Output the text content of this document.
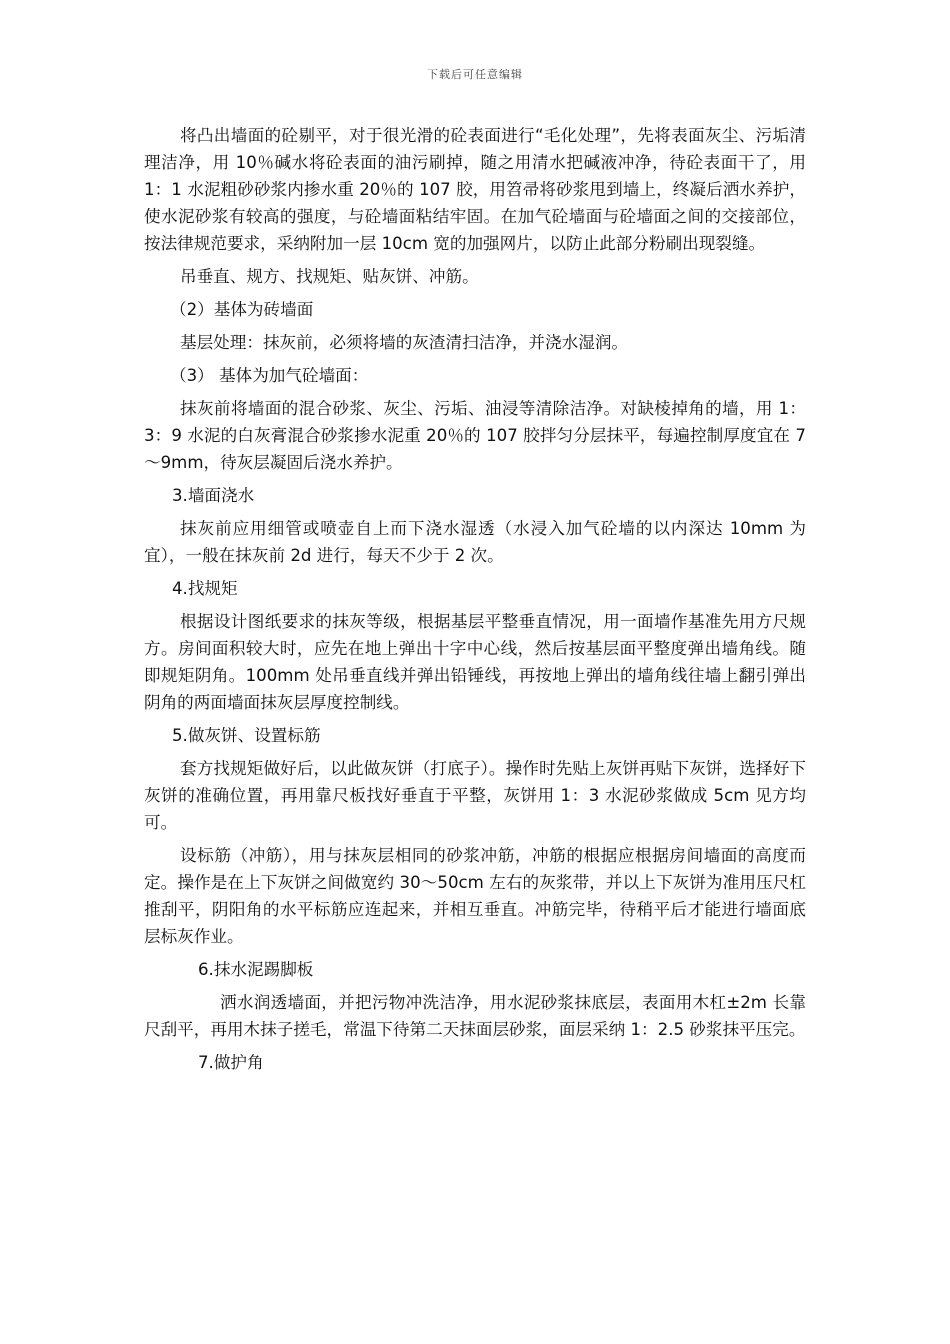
下载后可任意编辑

将凸出墙面的砼剔平，对于很光滑的砼表面进行“毛化处理”，先将表面灰尘、污垢清理洁净，用 10％碱水将砼表面的油污刷掉，随之用清水把碱液冲净，待砼表面干了，用 1：1 水泥粗砂砂浆内掺水重 20％的 107 胶，用笤帚将砂浆甩到墙上，终凝后洒水养护，使水泥砂浆有较高的强度，与砼墙面粘结牢固。在加气砼墙面与砼墙面之间的交接部位，按法律规范要求，采纳附加一层 10cm 宽的加强网片，以防止此部分粉刷出现裂缝。

吊垂直、规方、找规矩、贴灰饼、冲筋。

（2）基体为砖墙面

基层处理：抹灰前，必须将墙的灰渣清扫洁净，并浇水湿润。

（3） 基体为加气砼墙面：

抹灰前将墙面的混合砂浆、灰尘、污垢、油浸等清除洁净。对缺棱掉角的墙，用 1：3：9 水泥的白灰膏混合砂浆掺水泥重 20％的 107 胶拌匀分层抹平，每遍控制厚度宜在 7～9mm，待灰层凝固后浇水养护。

3.墙面浇水

抹灰前应用细管或喷壶自上而下浇水湿透（水浸入加气砼墙的以内深达 10mm 为宜），一般在抹灰前 2d 进行，每天不少于 2 次。

4.找规矩

根据设计图纸要求的抹灰等级，根据基层平整垂直情况，用一面墙作基准先用方尺规方。房间面积较大时，应先在地上弹出十字中心线，然后按基层面平整度弹出墙角线。随即规矩阴角。100mm 处吊垂直线并弹出铅锤线，再按地上弹出的墙角线往墙上翻引弹出阴角的两面墙面抹灰层厚度控制线。

5.做灰饼、设置标筋

套方找规矩做好后，以此做灰饼（打底子）。操作时先贴上灰饼再贴下灰饼，选择好下灰饼的准确位置，再用靠尺板找好垂直于平整，灰饼用 1：3 水泥砂浆做成 5cm 见方均可。

设标筋（冲筋），用与抹灰层相同的砂浆冲筋，冲筋的根据应根据房间墙面的高度而定。操作是在上下灰饼之间做宽约 30～50cm 左右的灰浆带，并以上下灰饼为准用压尺杠推刮平，阴阳角的水平标筋应连起来，并相互垂直。冲筋完毕，待稍平后才能进行墙面底层标灰作业。

6.抹水泥踢脚板

洒水润透墙面，并把污物冲洗洁净，用水泥砂浆抹底层，表面用木杠±2m 长靠尺刮平，再用木抹子搓毛，常温下待第二天抹面层砂浆，面层采纳 1：2.5 砂浆抹平压完。

7.做护角
